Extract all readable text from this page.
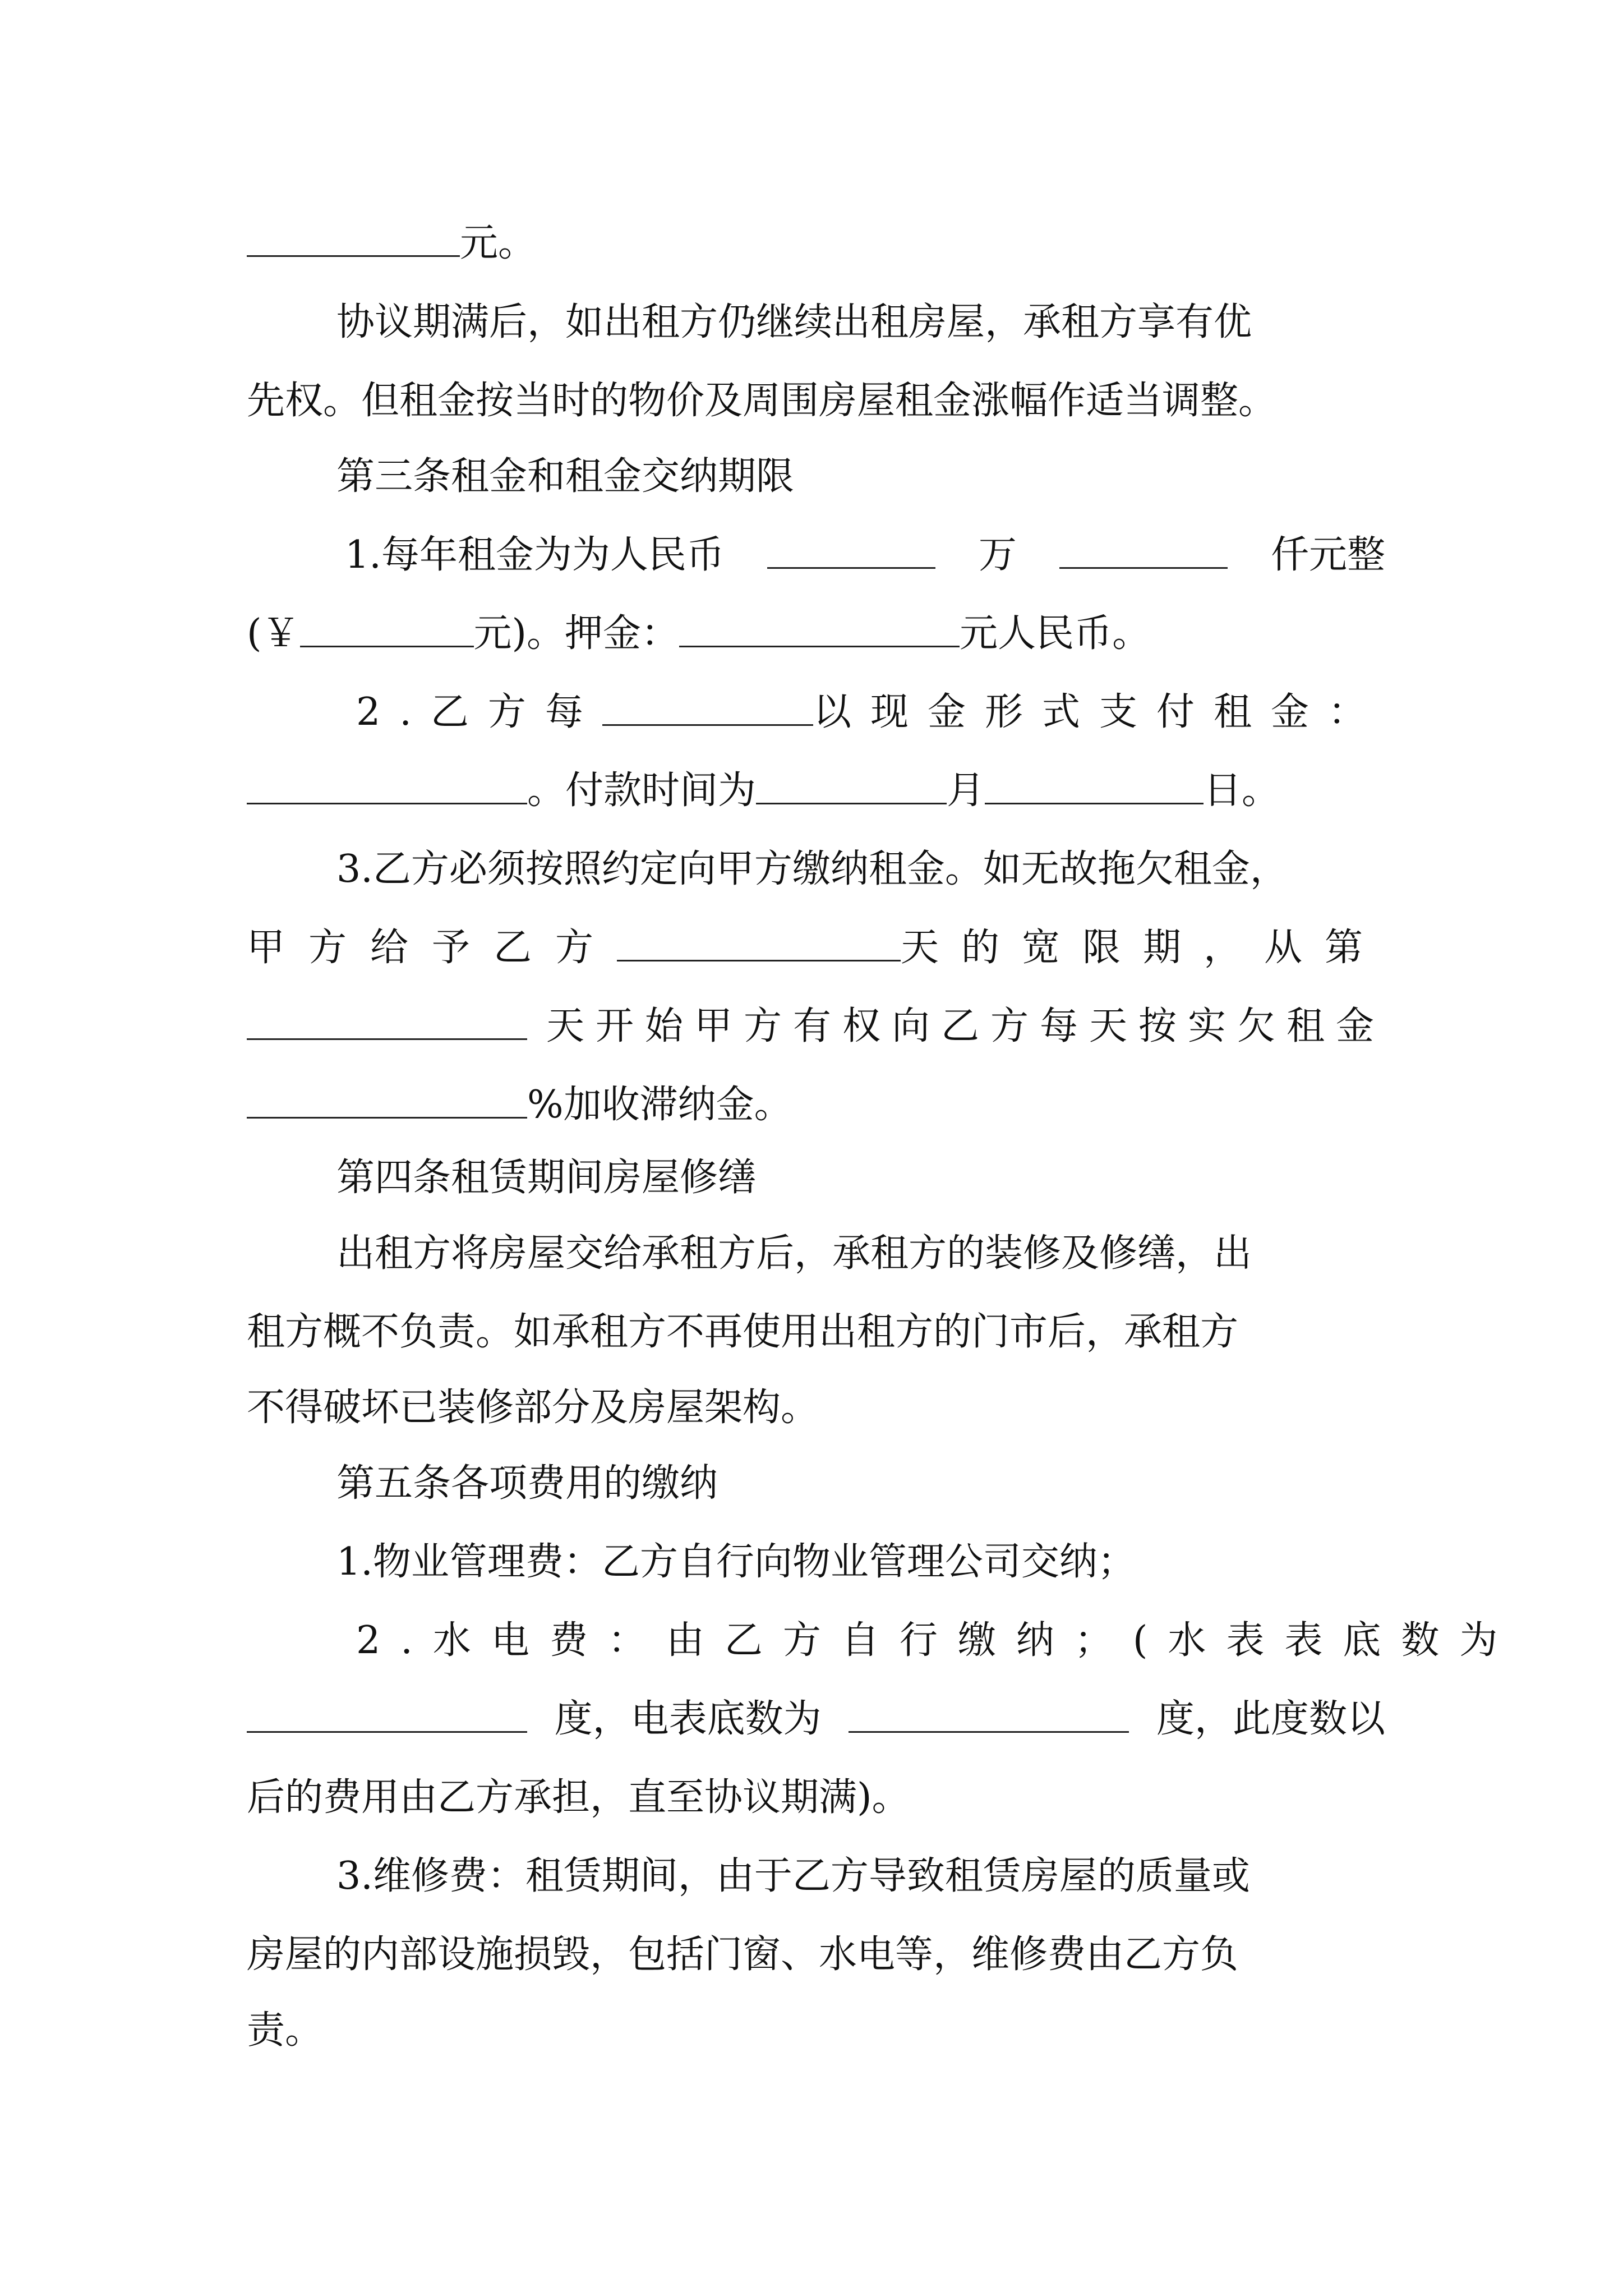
元。
协议期满后，如出租方仍继续出租房屋，承租方享有优
先权。但租金按当时的物价及周围房屋租金涨幅作适当调整。
第三条租金和租金交纳期限
1.每年租金为为人民币	万	仟元整
(￥	元)。押金：	元人民币。
2.乙方每	以现金形式支付租金：
。付款时间为	月	日。
3.乙方必须按照约定向甲方缴纳租金。如无故拖欠租金，
甲方给予乙方	天的宽限期，从第
天开始甲方有权向乙方每天按实欠租金
%加收滞纳金。
第四条租赁期间房屋修缮
出租方将房屋交给承租方后，承租方的装修及修缮，出
租方概不负责。如承租方不再使用出租方的门市后，承租方
不得破坏已装修部分及房屋架构。
第五条各项费用的缴纳
1.物业管理费：乙方自行向物业管理公司交纳；
2.水电费：由乙方自行缴纳；(水表表底数为
度，电表底数为	度，此度数以
后的费用由乙方承担，直至协议期满)。
3.维修费：租赁期间，由于乙方导致租赁房屋的质量或
房屋的内部设施损毁，包括门窗、水电等，维修费由乙方负
责。
